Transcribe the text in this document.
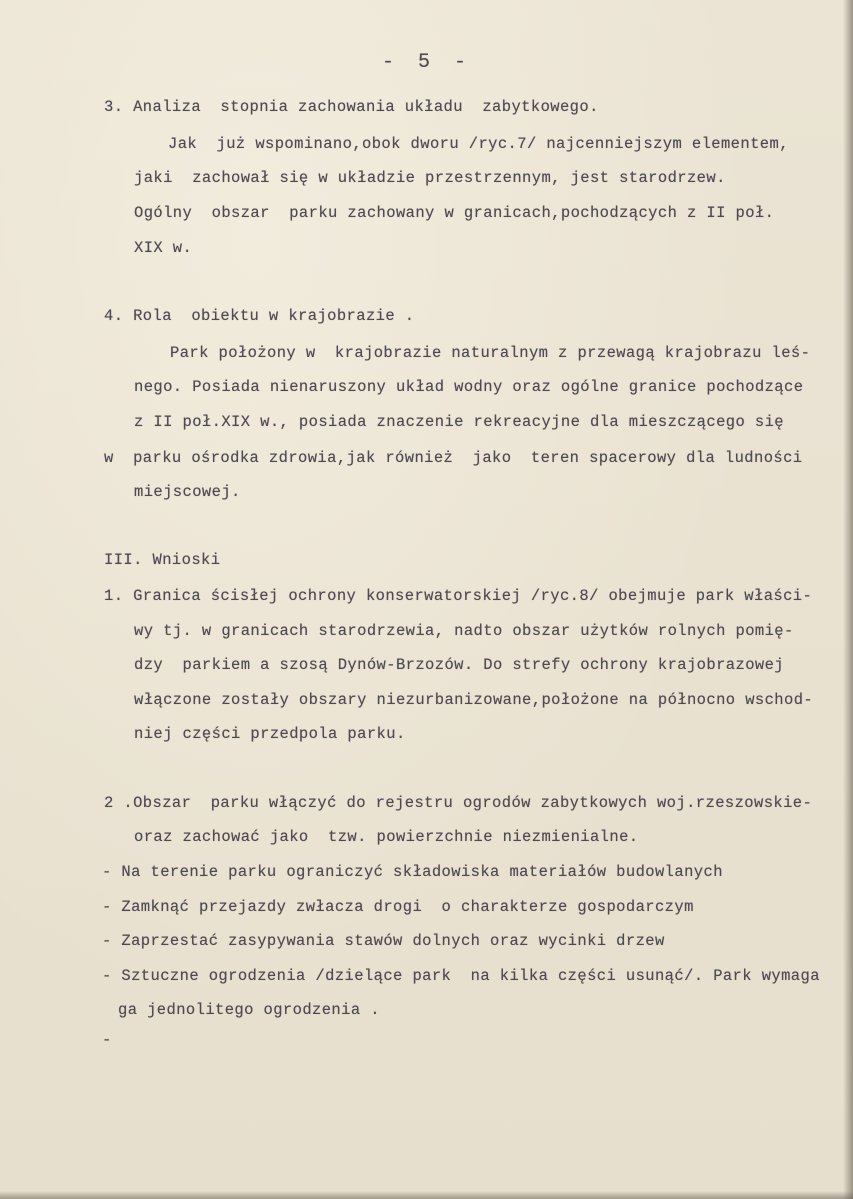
- 5 -
3. Analiza  stopnia zachowania układu  zabytkowego.
Jak  już wspominano,obok dworu /ryc.7/ najcenniejszym elementem,
jaki  zachował się w układzie przestrzennym, jest starodrzew.
Ogólny  obszar  parku zachowany w granicach,pochodzących z II poł.
XIX w.
4. Rola  obiektu w krajobrazie .
Park położony w  krajobrazie naturalnym z przewagą krajobrazu leś-
nego. Posiada nienaruszony układ wodny oraz ogólne granice pochodzące
z II poł.XIX w., posiada znaczenie rekreacyjne dla mieszczącego się
w  parku ośrodka zdrowia,jak również  jako  teren spacerowy dla ludności
miejscowej.
III. Wnioski
1. Granica ścisłej ochrony konserwatorskiej /ryc.8/ obejmuje park właści-
wy tj. w granicach starodrzewia, nadto obszar użytków rolnych pomię-
dzy  parkiem a szosą Dynów-Brzozów. Do strefy ochrony krajobrazowej
włączone zostały obszary niezurbanizowane,położone na północno wschod-
niej części przedpola parku.
2 .Obszar  parku włączyć do rejestru ogrodów zabytkowych woj.rzeszowskie-
oraz zachować jako  tzw. powierzchnie niezmienialne.
- Na terenie parku ograniczyć składowiska materiałów budowlanych
- Zamknąć przejazdy zwłacza drogi  o charakterze gospodarczym
- Zaprzestać zasypywania stawów dolnych oraz wycinki drzew
- Sztuczne ogrodzenia /dzielące park  na kilka części usunąć/. Park wymaga
ga jednolitego ogrodzenia .
-
